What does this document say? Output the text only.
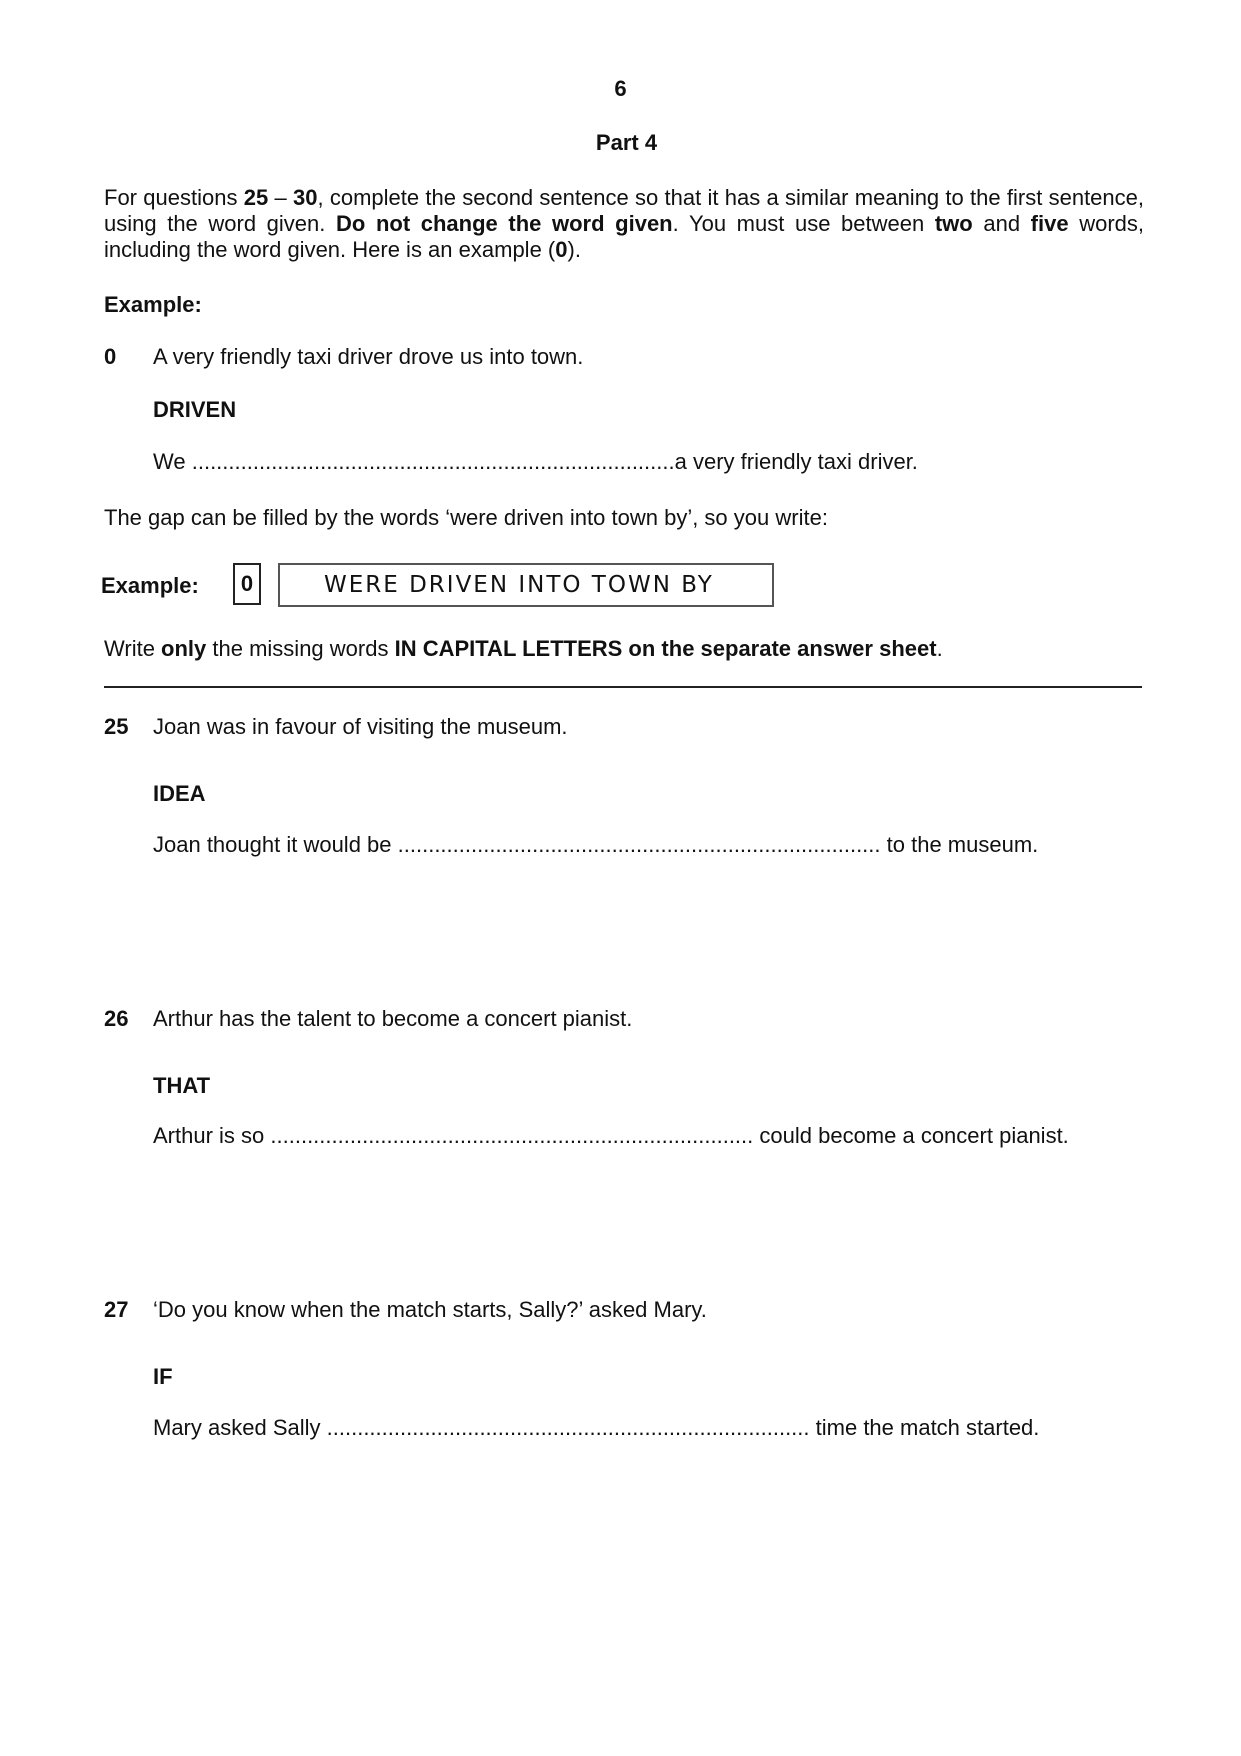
6
Part 4
For questions 25 – 30, complete the second sentence so that it has a similar meaning to the first sentence, using the word given. Do not change the word given. You must use between two and five words, including the word given. Here is an example (0).
Example:
0 A very friendly taxi driver drove us into town.
DRIVEN
We ...............................................................................a very friendly taxi driver.
The gap can be filled by the words ‘were driven into town by’, so you write:
Example:	0	WERE DRIVEN INTO TOWN BY
Write only the missing words IN CAPITAL LETTERS on the separate answer sheet.
25 Joan was in favour of visiting the museum.
IDEA
Joan thought it would be ............................................................................... to the museum.
26 Arthur has the talent to become a concert pianist.
THAT
Arthur is so ............................................................................... could become a concert pianist.
27 ‘Do you know when the match starts, Sally?’ asked Mary.
IF
Mary asked Sally ............................................................................... time the match started.
